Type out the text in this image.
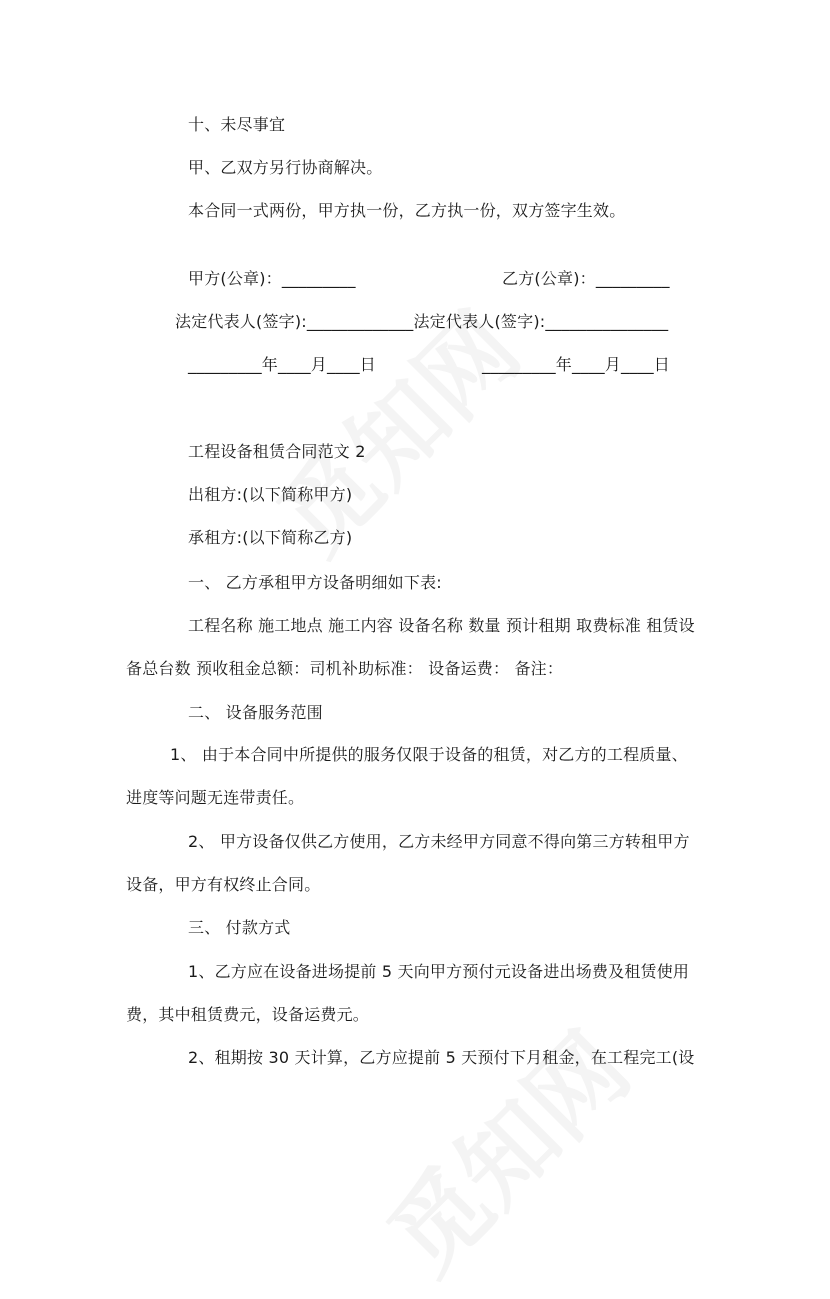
十、未尽事宜
甲、乙双方另行协商解决。
本合同一式两份，甲方执一份，乙方执一份，双方签字生效。
甲方(公章)：_________	乙方(公章)：_________
法定代表人(签字):_____________法定代表人(签字):_______________
_________年____月____日	_________年____月____日
工程设备租赁合同范文 2
出租方:(以下简称甲方)
承租方:(以下简称乙方)
一、 乙方承租甲方设备明细如下表:
工程名称 施工地点 施工内容 设备名称 数量 预计租期 取费标准 租赁设
备总台数 预收租金总额：司机补助标准： 设备运费： 备注：
二、 设备服务范围
1、 由于本合同中所提供的服务仅限于设备的租赁，对乙方的工程质量、
进度等问题无连带责任。
2、 甲方设备仅供乙方使用，乙方未经甲方同意不得向第三方转租甲方
设备，甲方有权终止合同。
三、 付款方式
1、乙方应在设备进场提前 5 天向甲方预付元设备进出场费及租赁使用
费，其中租赁费元，设备运费元。
2、租期按 30 天计算，乙方应提前 5 天预付下月租金，在工程完工(设
